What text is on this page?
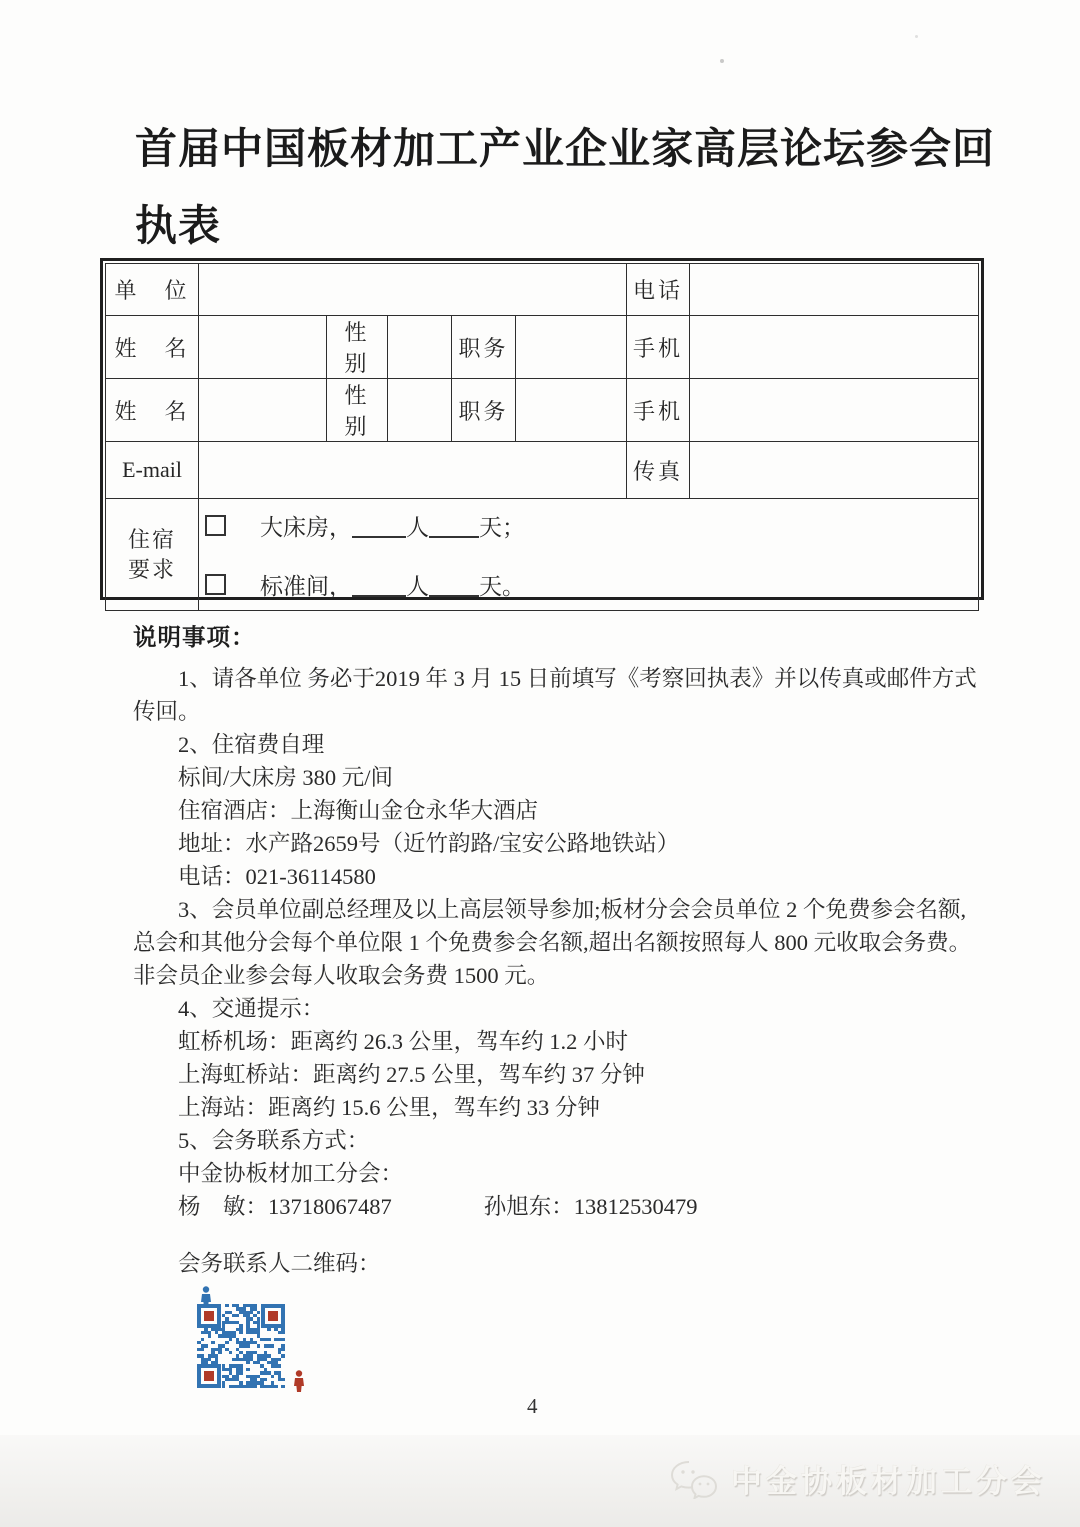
首届中国板材加工产业企业家高层论坛参会回
执表
单　位						电话	
姓　名		性别		职务		手机	
姓　名		性别		职务		手机	
E-mail						传真	
住宿
要求	
大床房， 人 天；
标准间， 人 天。
说明事项：
1、请各单位 务必于2019 年 3 月 15 日前填写《考察回执表》并以传真或邮件方式
传回。
2、住宿费自理
标间/大床房 380 元/间
住宿酒店：上海衡山金仓永华大酒店
地址：水产路2659号（近竹韵路/宝安公路地铁站）
电话：021-36114580
3、会员单位副总经理及以上高层领导参加;板材分会会员单位 2 个免费参会名额,
总会和其他分会每个单位限 1 个免费参会名额,超出名额按照每人 800 元收取会务费。
非会员企业参会每人收取会务费 1500 元。
4、交通提示：
虹桥机场：距离约 26.3 公里，驾车约 1.2 小时
上海虹桥站：距离约 27.5 公里，驾车约 37 分钟
上海站：距离约 15.6 公里，驾车约 33 分钟
5、会务联系方式：
中金协板材加工分会：
杨　敏：13718067487	孙旭东：13812530479
会务联系人二维码：
4
中金协板材加工分会
